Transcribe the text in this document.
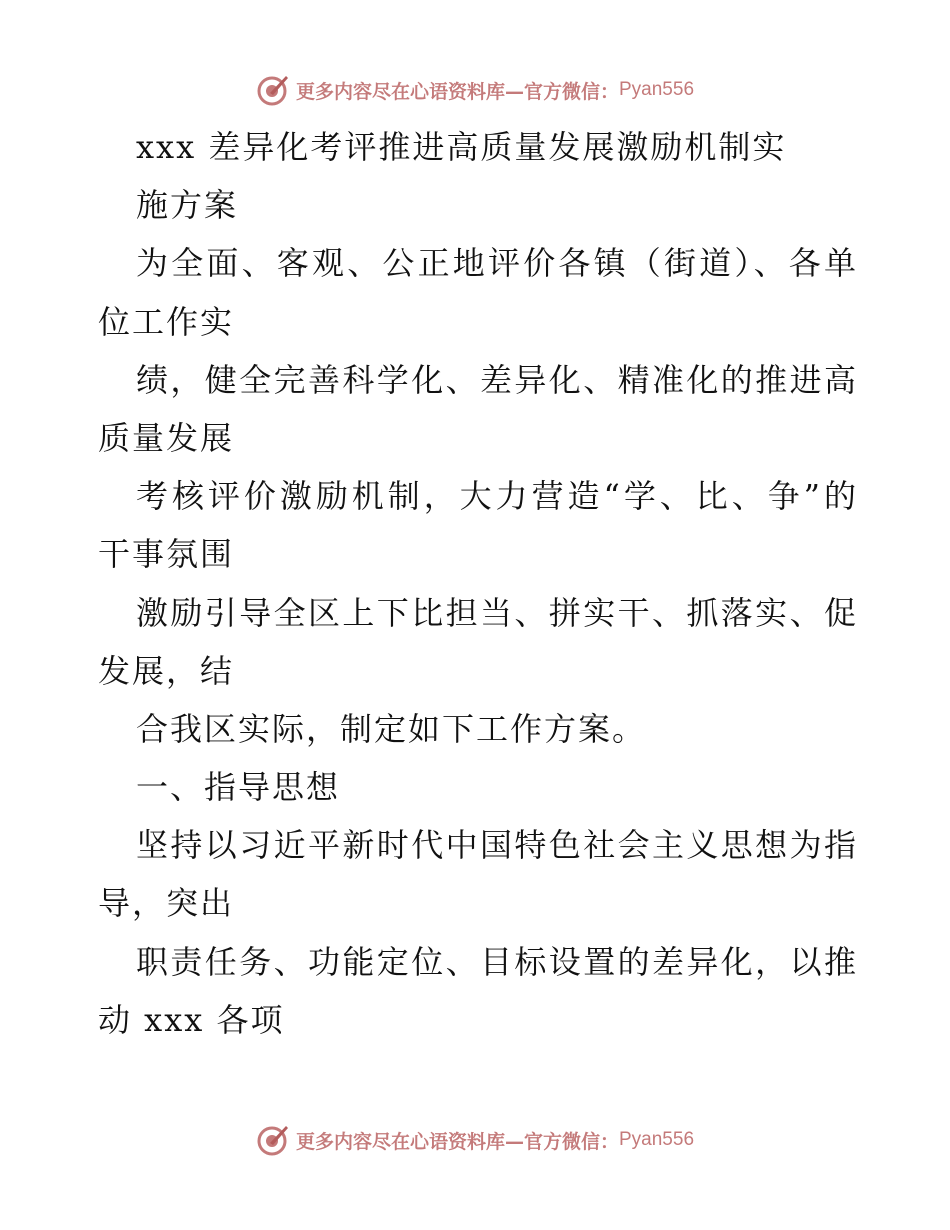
更多内容尽在心语资料库—官方微信： Pyan556
xxx 差异化考评推进高质量发展激励机制实
施方案
为全面、客观、公正地评价各镇（街道）、各单
位工作实
绩，健全完善科学化、差异化、精准化的推进高
质量发展
考核评价激励机制，大力营造“学、比、争”的
干事氛围
激励引导全区上下比担当、拼实干、抓落实、促
发展，结
合我区实际，制定如下工作方案。
一、指导思想
坚持以习近平新时代中国特色社会主义思想为指
导，突出
职责任务、功能定位、目标设置的差异化，以推
动 xxx 各项
更多内容尽在心语资料库—官方微信： Pyan556
